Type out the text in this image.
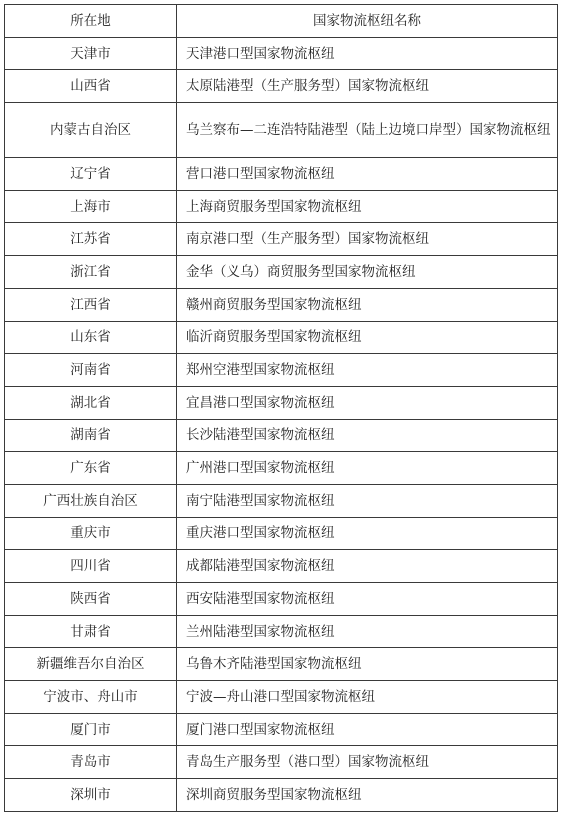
所在地	国家物流枢纽名称
天津市	天津港口型国家物流枢纽
山西省	太原陆港型（生产服务型）国家物流枢纽
内蒙古自治区	乌兰察布—二连浩特陆港型（陆上边境口岸型）国家物流枢纽
辽宁省	营口港口型国家物流枢纽
上海市	上海商贸服务型国家物流枢纽
江苏省	南京港口型（生产服务型）国家物流枢纽
浙江省	金华（义乌）商贸服务型国家物流枢纽
江西省	赣州商贸服务型国家物流枢纽
山东省	临沂商贸服务型国家物流枢纽
河南省	郑州空港型国家物流枢纽
湖北省	宜昌港口型国家物流枢纽
湖南省	长沙陆港型国家物流枢纽
广东省	广州港口型国家物流枢纽
广西壮族自治区	南宁陆港型国家物流枢纽
重庆市	重庆港口型国家物流枢纽
四川省	成都陆港型国家物流枢纽
陕西省	西安陆港型国家物流枢纽
甘肃省	兰州陆港型国家物流枢纽
新疆维吾尔自治区	乌鲁木齐陆港型国家物流枢纽
宁波市、舟山市	宁波—舟山港口型国家物流枢纽
厦门市	厦门港口型国家物流枢纽
青岛市	青岛生产服务型（港口型）国家物流枢纽
深圳市	深圳商贸服务型国家物流枢纽
